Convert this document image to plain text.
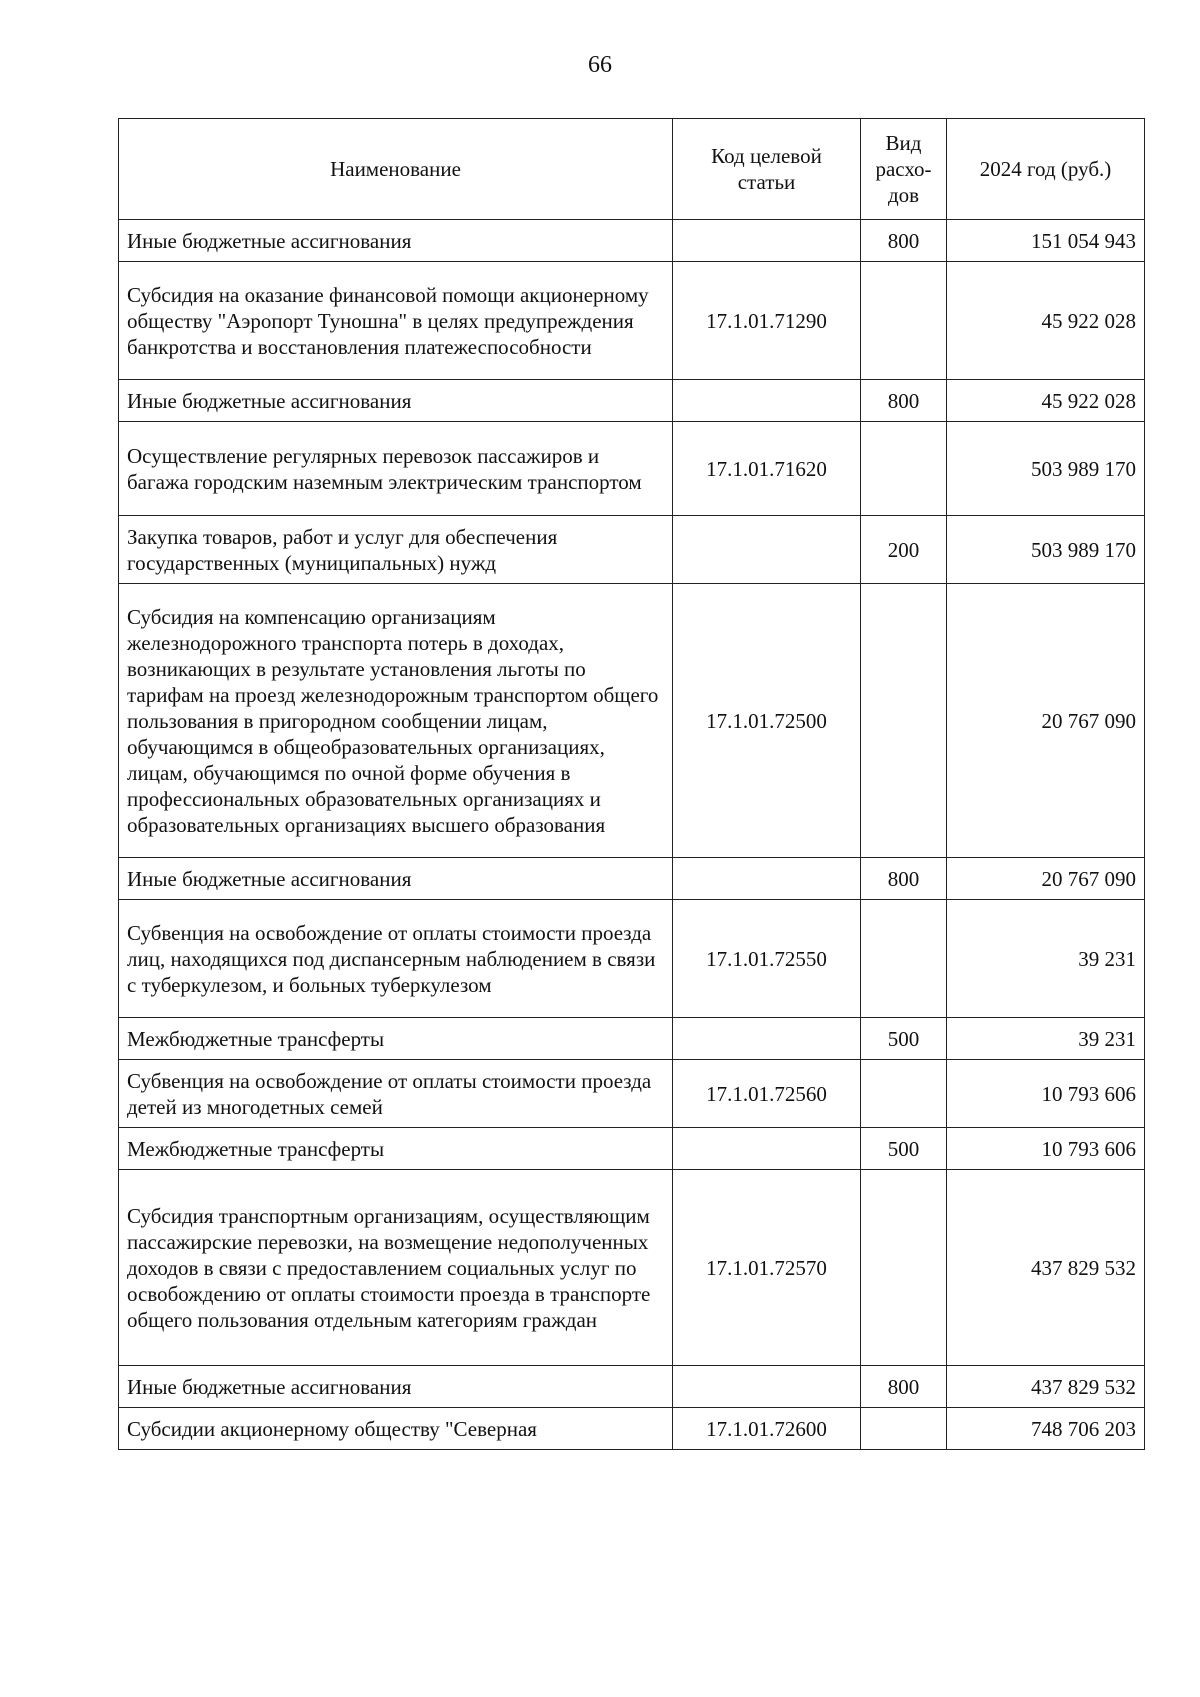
66
Наименование	Код целевой статьи	Вид расхо-дов	2024 год (руб.)
Иные бюджетные ассигнования		800	151 054 943
Субсидия на оказание финансовой помощи акционерному обществу "Аэропорт Туношна" в целях предупреждения банкротства и восстановления платежеспособности	17.1.01.71290		45 922 028
Иные бюджетные ассигнования		800	45 922 028
Осуществление регулярных перевозок пассажиров и багажа городским наземным электрическим транспортом	17.1.01.71620		503 989 170
Закупка товаров, работ и услуг для обеспечения государственных (муниципальных) нужд		200	503 989 170
Субсидия на компенсацию организациям железнодорожного транспорта потерь в доходах, возникающих в результате установления льготы по тарифам на проезд железнодорожным транспортом общего пользования в пригородном сообщении лицам, обучающимся в общеобразовательных организациях, лицам, обучающимся по очной форме обучения в профессиональных образовательных организациях и образовательных организациях высшего образования	17.1.01.72500		20 767 090
Иные бюджетные ассигнования		800	20 767 090
Субвенция на освобождение от оплаты стоимости проезда лиц, находящихся под диспансерным наблюдением в связи с туберкулезом, и больных туберкулезом	17.1.01.72550		39 231
Межбюджетные трансферты		500	39 231
Субвенция на освобождение от оплаты стоимости проезда детей из многодетных семей	17.1.01.72560		10 793 606
Межбюджетные трансферты		500	10 793 606
Субсидия транспортным организациям, осуществляющим пассажирские перевозки, на возмещение недополученных доходов в связи с предоставлением социальных услуг по освобождению от оплаты стоимости проезда в транспорте общего пользования отдельным категориям граждан	17.1.01.72570		437 829 532
Иные бюджетные ассигнования		800	437 829 532
Субсидии акционерному обществу "Северная	17.1.01.72600		748 706 203
